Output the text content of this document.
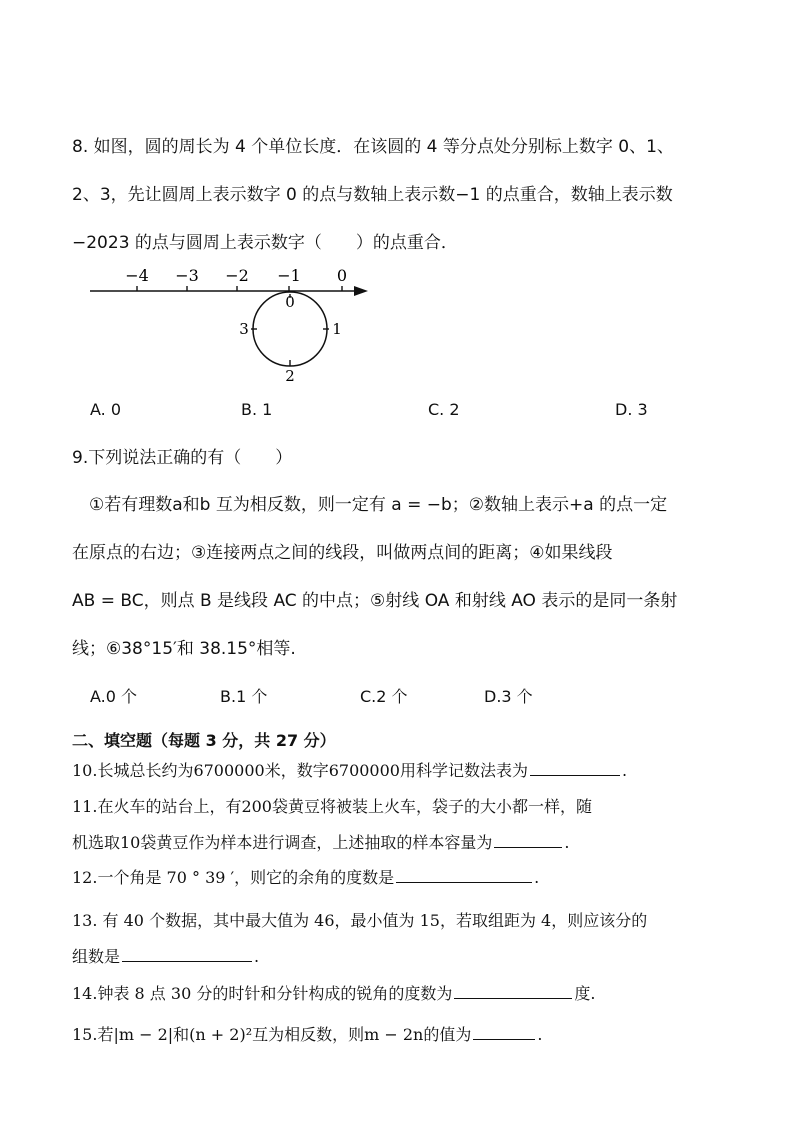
8. 如图，圆的周长为 4 个单位长度．在该圆的 4 等分点处分别标上数字 0、1、
2、3，先让圆周上表示数字 0 的点与数轴上表示数−1 的点重合，数轴上表示数
−2023 的点与圆周上表示数字（　　）的点重合．
−4 −3 −2 −1 0
0
1
2
3
A. 0	B. 1	C. 2	D. 3
9.下列说法正确的有（　　）
①若有理数a和b 互为相反数，则一定有 a = −b；②数轴上表示+a 的点一定
在原点的右边；③连接两点之间的线段，叫做两点间的距离；④如果线段
AB = BC，则点 B 是线段 AC 的中点；⑤射线 OA 和射线 AO 表示的是同一条射
线；⑥38°15′和 38.15°相等.
A.0 个	B.1 个	C.2 个	D.3 个
二、填空题（每题 3 分，共 27 分）
10.长城总长约为6700000米，数字6700000用科学记数法表为	.
11.在火车的站台上，有200袋黄豆将被装上火车，袋子的大小都一样，随
机选取10袋黄豆作为样本进行调查，上述抽取的样本容量为	.
12.一个角是 70 ° 39 ′，则它的余角的度数是	.
13. 有 40 个数据，其中最大值为 46，最小值为 15，若取组距为 4，则应该分的
组数是	.
14.钟表 8 点 30 分的时针和分针构成的锐角的度数为	度.
15.若|m − 2|和(n + 2)²互为相反数，则m − 2n的值为	.
